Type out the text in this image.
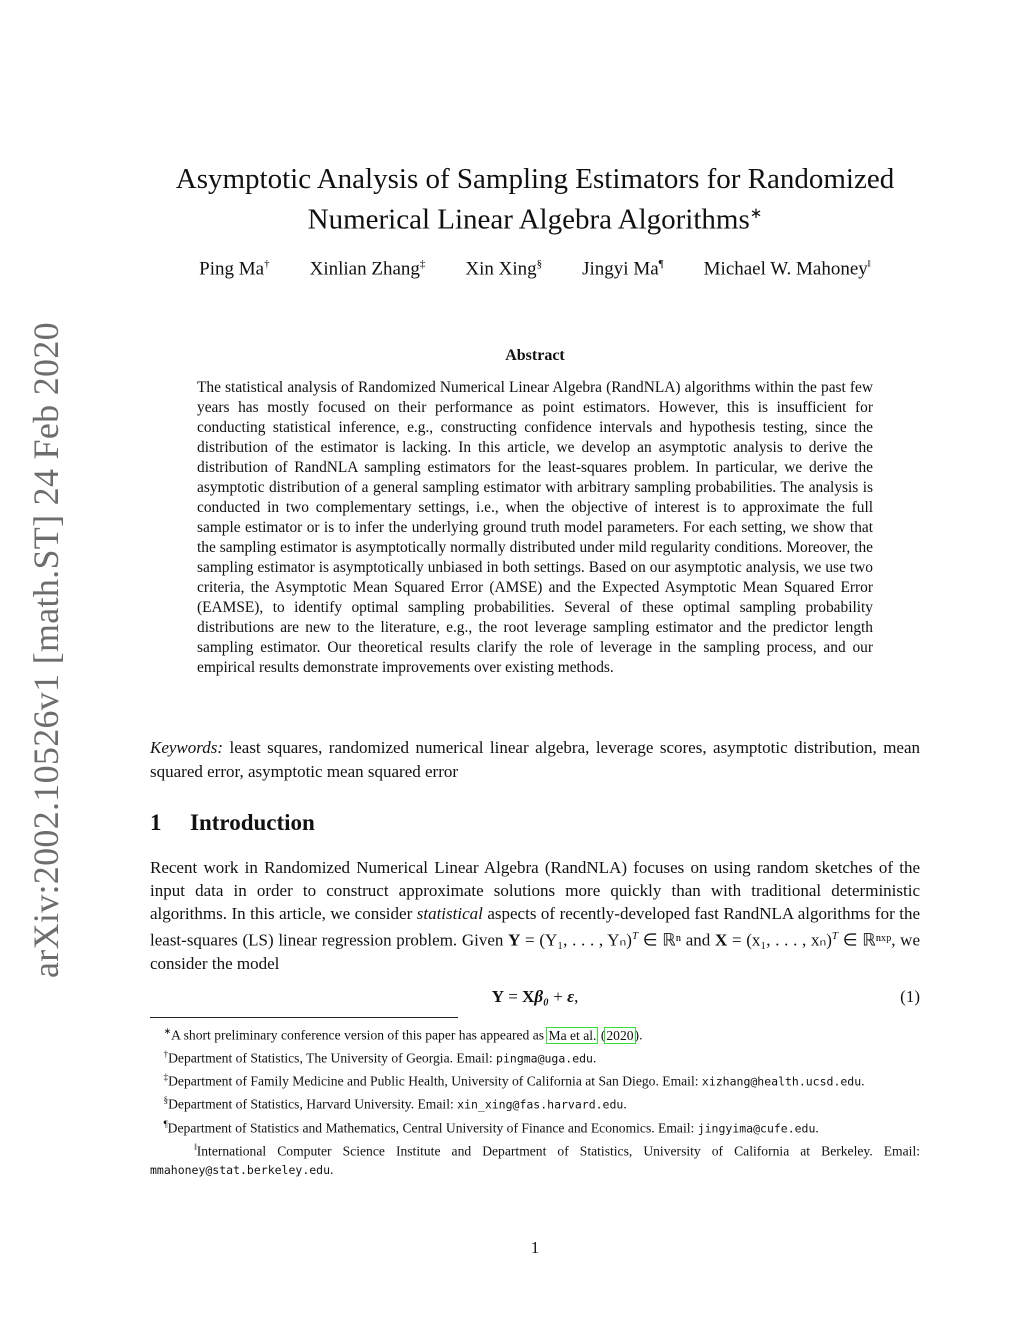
arXiv:2002.10526v1 [math.ST] 24 Feb 2020
Asymptotic Analysis of Sampling Estimators for Randomized
Numerical Linear Algebra Algorithms∗
Ping Ma† Xinlian Zhang‡ Xin Xing§ Jingyi Ma¶ Michael W. Mahoney‖
Abstract

The statistical analysis of Randomized Numerical Linear Algebra (RandNLA) algorithms within the past few years has mostly focused on their performance as point estimators. However, this is insufficient for conducting statistical inference, e.g., constructing confidence intervals and hypothesis testing, since the distribution of the estimator is lacking. In this article, we develop an asymptotic analysis to derive the distribution of RandNLA sampling estimators for the least-squares problem. In particular, we derive the asymptotic distribution of a general sampling estimator with arbitrary sampling probabilities. The analysis is conducted in two complementary settings, i.e., when the objective of interest is to approximate the full sample estimator or is to infer the underlying ground truth model parameters. For each setting, we show that the sampling estimator is asymptotically normally distributed under mild regularity conditions. Moreover, the sampling estimator is asymptotically unbiased in both settings. Based on our asymptotic analysis, we use two criteria, the Asymptotic Mean Squared Error (AMSE) and the Expected Asymptotic Mean Squared Error (EAMSE), to identify optimal sampling probabilities. Several of these optimal sampling probability distributions are new to the literature, e.g., the root leverage sampling estimator and the predictor length sampling estimator. Our theoretical results clarify the role of leverage in the sampling process, and our empirical results demonstrate improvements over existing methods.

Keywords: least squares, randomized numerical linear algebra, leverage scores, asymptotic distribution, mean squared error, asymptotic mean squared error

1 Introduction

Recent work in Randomized Numerical Linear Algebra (RandNLA) focuses on using random sketches of the input data in order to construct approximate solutions more quickly than with traditional deterministic algorithms. In this article, we consider statistical aspects of recently-developed fast RandNLA algorithms for the least-squares (LS) linear regression problem. Given Y = (Y₁, . . . , Yₙ)$^T$ ∈ ℝⁿ and X = (x₁, . . . , xₙ)$^T$ ∈ ℝⁿˣᵖ, we consider the model

Y = Xβ₀ + ε,	(1)

∗A short preliminary conference version of this paper has appeared as Ma et al. (2020).

†Department of Statistics, The University of Georgia. Email: pingma@uga.edu.

‡Department of Family Medicine and Public Health, University of California at San Diego. Email: xizhang@health.ucsd.edu.

§Department of Statistics, Harvard University. Email: xin_xing@fas.harvard.edu.

¶Department of Statistics and Mathematics, Central University of Finance and Economics. Email: jingyima@cufe.edu.

‖International Computer Science Institute and Department of Statistics, University of California at Berkeley. Email: mmahoney@stat.berkeley.edu.

1
